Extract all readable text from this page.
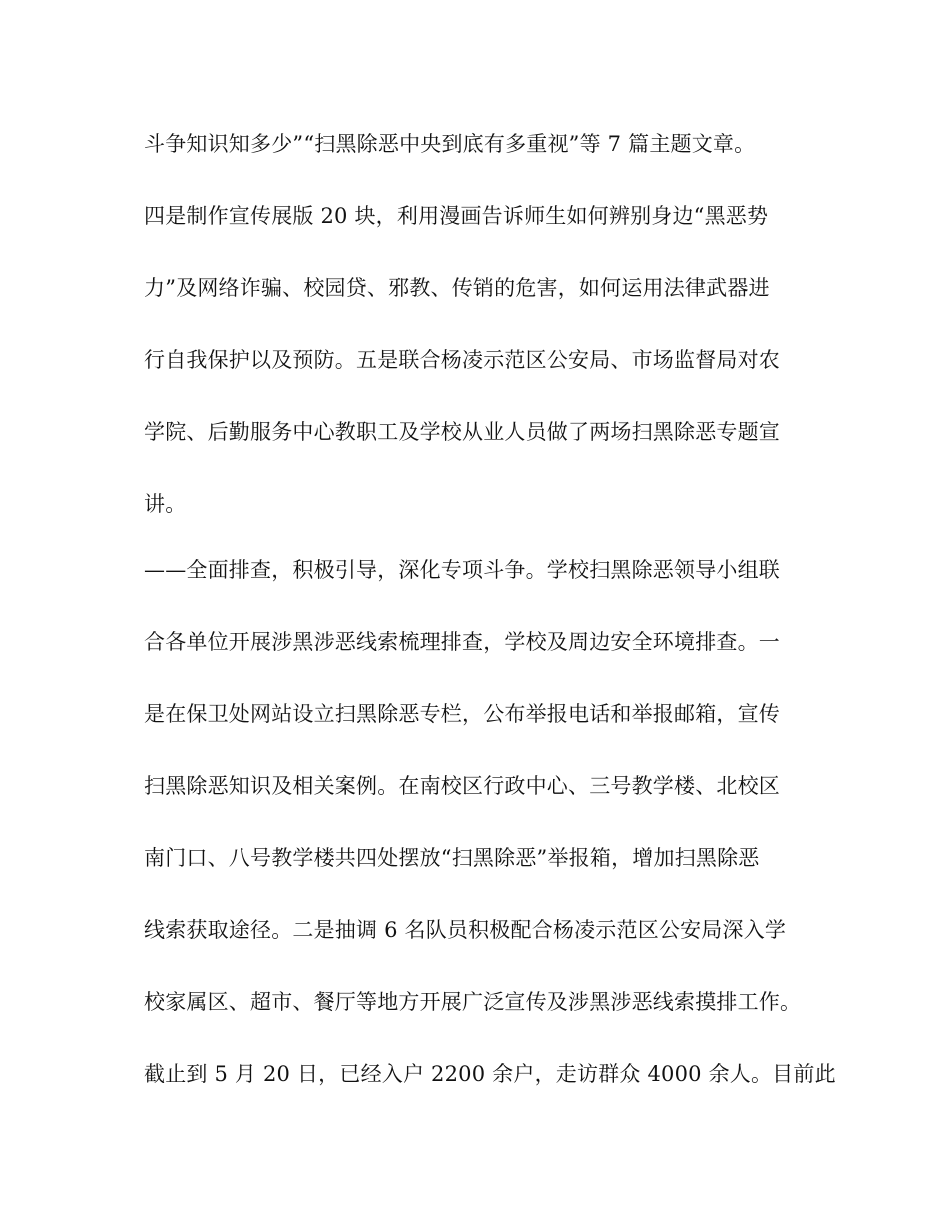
斗争知识知多少”“扫黑除恶中央到底有多重视”等 7 篇主题文章。
四是制作宣传展版 20 块，利用漫画告诉师生如何辨别身边“黑恶势
力”及网络诈骗、校园贷、邪教、传销的危害，如何运用法律武器进
行自我保护以及预防。五是联合杨凌示范区公安局、市场监督局对农
学院、后勤服务中心教职工及学校从业人员做了两场扫黑除恶专题宣
讲。
——全面排查，积极引导，深化专项斗争。学校扫黑除恶领导小组联
合各单位开展涉黑涉恶线索梳理排查，学校及周边安全环境排查。一
是在保卫处网站设立扫黑除恶专栏，公布举报电话和举报邮箱，宣传
扫黑除恶知识及相关案例。在南校区行政中心、三号教学楼、北校区
南门口、八号教学楼共四处摆放“扫黑除恶”举报箱，增加扫黑除恶
线索获取途径。二是抽调 6 名队员积极配合杨凌示范区公安局深入学
校家属区、超市、餐厅等地方开展广泛宣传及涉黑涉恶线索摸排工作。
截止到 5 月 20 日，已经入户 2200 余户，走访群众 4000 余人。目前此
